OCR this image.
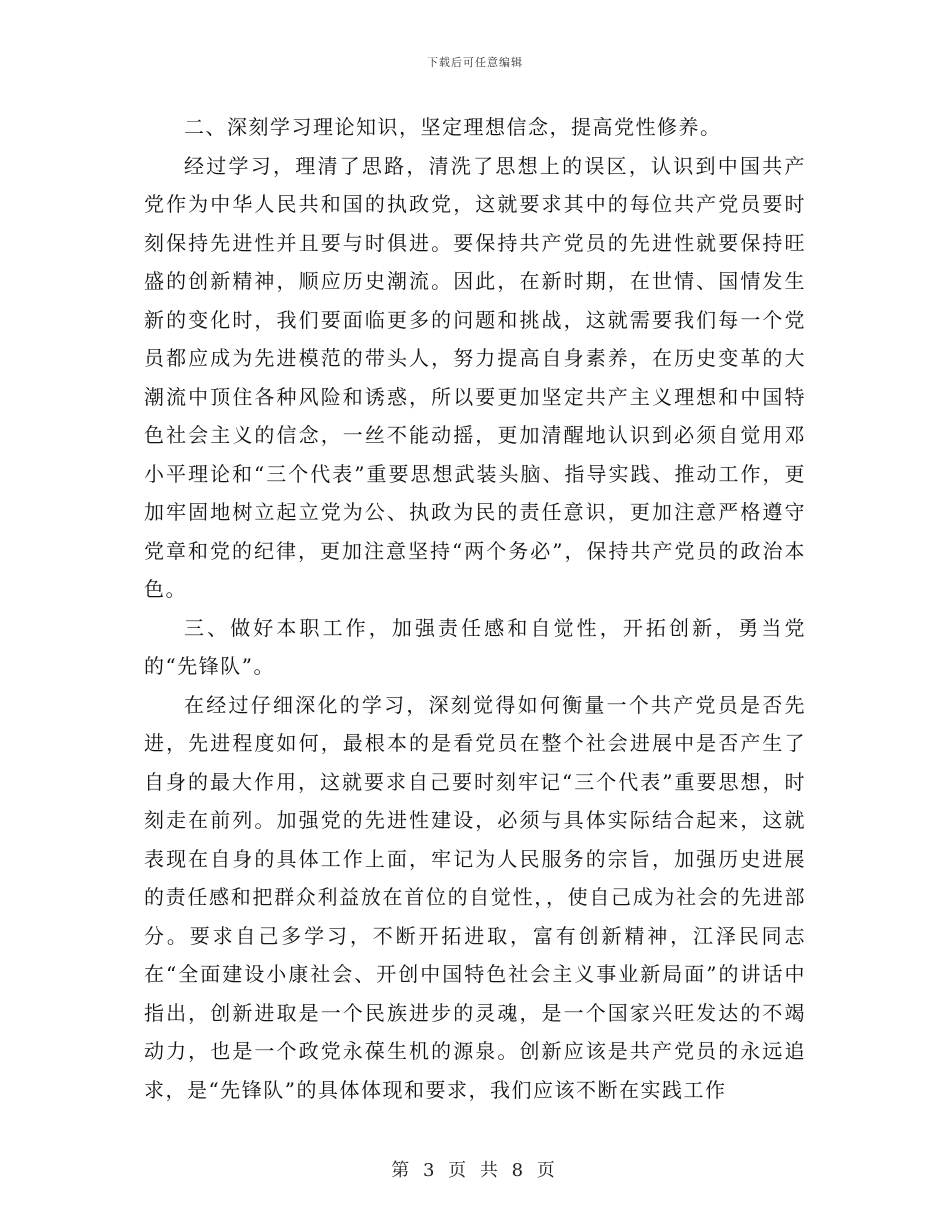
下载后可任意编辑

二、深刻学习理论知识，坚定理想信念，提高党性修养。

经过学习，理清了思路，清洗了思想上的误区，认识到中国共产党作为中华人民共和国的执政党，这就要求其中的每位共产党员要时刻保持先进性并且要与时俱进。要保持共产党员的先进性就要保持旺盛的创新精神，顺应历史潮流。因此，在新时期，在世情、国情发生新的变化时，我们要面临更多的问题和挑战，这就需要我们每一个党员都应成为先进模范的带头人，努力提高自身素养，在历史变革的大潮流中顶住各种风险和诱惑，所以要更加坚定共产主义理想和中国特色社会主义的信念，一丝不能动摇，更加清醒地认识到必须自觉用邓小平理论和“三个代表”重要思想武装头脑、指导实践、推动工作，更加牢固地树立起立党为公、执政为民的责任意识，更加注意严格遵守党章和党的纪律，更加注意坚持“两个务必”，保持共产党员的政治本色。

三、做好本职工作，加强责任感和自觉性，开拓创新，勇当党的“先锋队”。

在经过仔细深化的学习，深刻觉得如何衡量一个共产党员是否先进，先进程度如何，最根本的是看党员在整个社会进展中是否产生了自身的最大作用，这就要求自己要时刻牢记“三个代表”重要思想，时刻走在前列。加强党的先进性建设，必须与具体实际结合起来，这就表现在自身的具体工作上面，牢记为人民服务的宗旨，加强历史进展的责任感和把群众利益放在首位的自觉性，，使自己成为社会的先进部分。要求自己多学习，不断开拓进取，富有创新精神，江泽民同志在“全面建设小康社会、开创中国特色社会主义事业新局面”的讲话中指出，创新进取是一个民族进步的灵魂，是一个国家兴旺发达的不竭动力，也是一个政党永葆生机的源泉。创新应该是共产党员的永远追求，是“先锋队”的具体体现和要求，我们应该不断在实践工作

第 3 页 共 8 页
